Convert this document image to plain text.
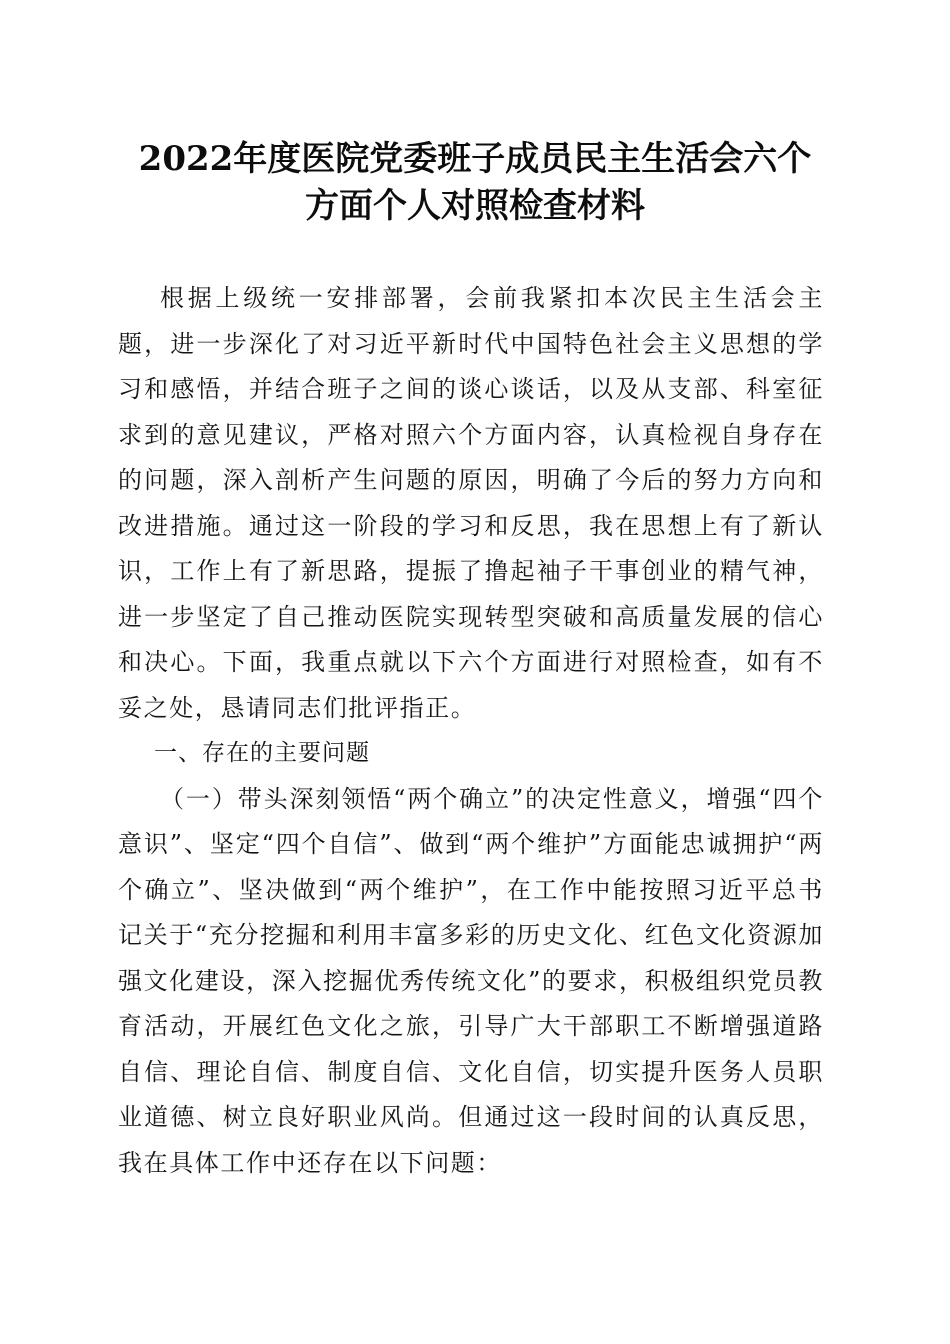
2022年度医院党委班子成员民主生活会六个
方面个人对照检查材料

根据上级统一安排部署，会前我紧扣本次民主生活会主题，进一步深化了对习近平新时代中国特色社会主义思想的学习和感悟，并结合班子之间的谈心谈话，以及从支部、科室征求到的意见建议，严格对照六个方面内容，认真检视自身存在的问题，深入剖析产生问题的原因，明确了今后的努力方向和改进措施。通过这一阶段的学习和反思，我在思想上有了新认识，工作上有了新思路，提振了撸起袖子干事创业的精气神，进一步坚定了自己推动医院实现转型突破和高质量发展的信心和决心。下面，我重点就以下六个方面进行对照检查，如有不妥之处，恳请同志们批评指正。

一、存在的主要问题

（一）带头深刻领悟“两个确立”的决定性意义，增强“四个意识”、坚定“四个自信”、做到“两个维护”方面能忠诚拥护“两个确立”、坚决做到“两个维护”，在工作中能按照习近平总书记关于“充分挖掘和利用丰富多彩的历史文化、红色文化资源加强文化建设，深入挖掘优秀传统文化”的要求，积极组织党员教育活动，开展红色文化之旅，引导广大干部职工不断增强道路自信、理论自信、制度自信、文化自信，切实提升医务人员职业道德、树立良好职业风尚。但通过这一段时间的认真反思，我在具体工作中还存在以下问题：
